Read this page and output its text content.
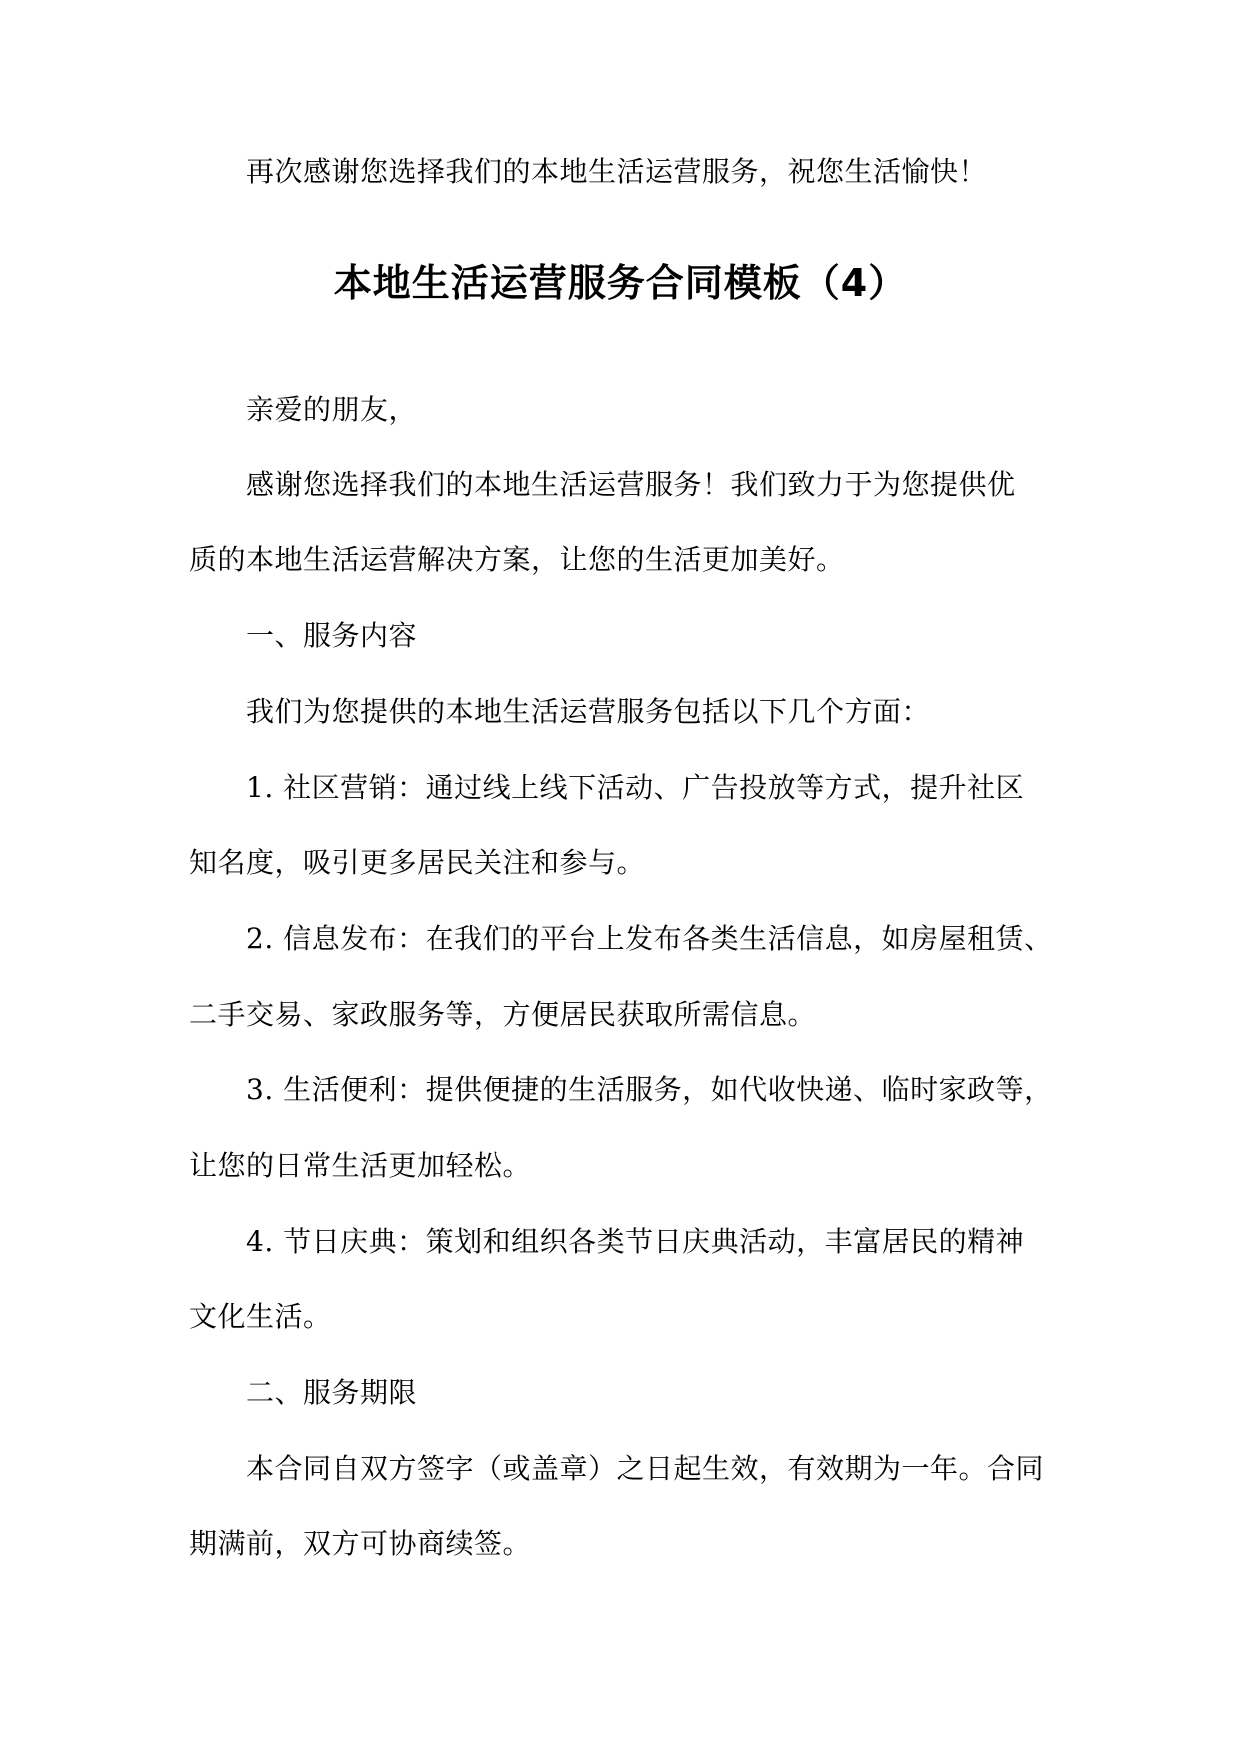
再次感谢您选择我们的本地生活运营服务，祝您生活愉快！
本地生活运营服务合同模板（4）
亲爱的朋友，
感谢您选择我们的本地生活运营服务！我们致力于为您提供优
质的本地生活运营解决方案，让您的生活更加美好。
一、服务内容
我们为您提供的本地生活运营服务包括以下几个方面：
1. 社区营销：通过线上线下活动、广告投放等方式，提升社区
知名度，吸引更多居民关注和参与。
2. 信息发布：在我们的平台上发布各类生活信息，如房屋租赁、
二手交易、家政服务等，方便居民获取所需信息。
3. 生活便利：提供便捷的生活服务，如代收快递、临时家政等，
让您的日常生活更加轻松。
4. 节日庆典：策划和组织各类节日庆典活动，丰富居民的精神
文化生活。
二、服务期限
本合同自双方签字（或盖章）之日起生效，有效期为一年。合同
期满前，双方可协商续签。
